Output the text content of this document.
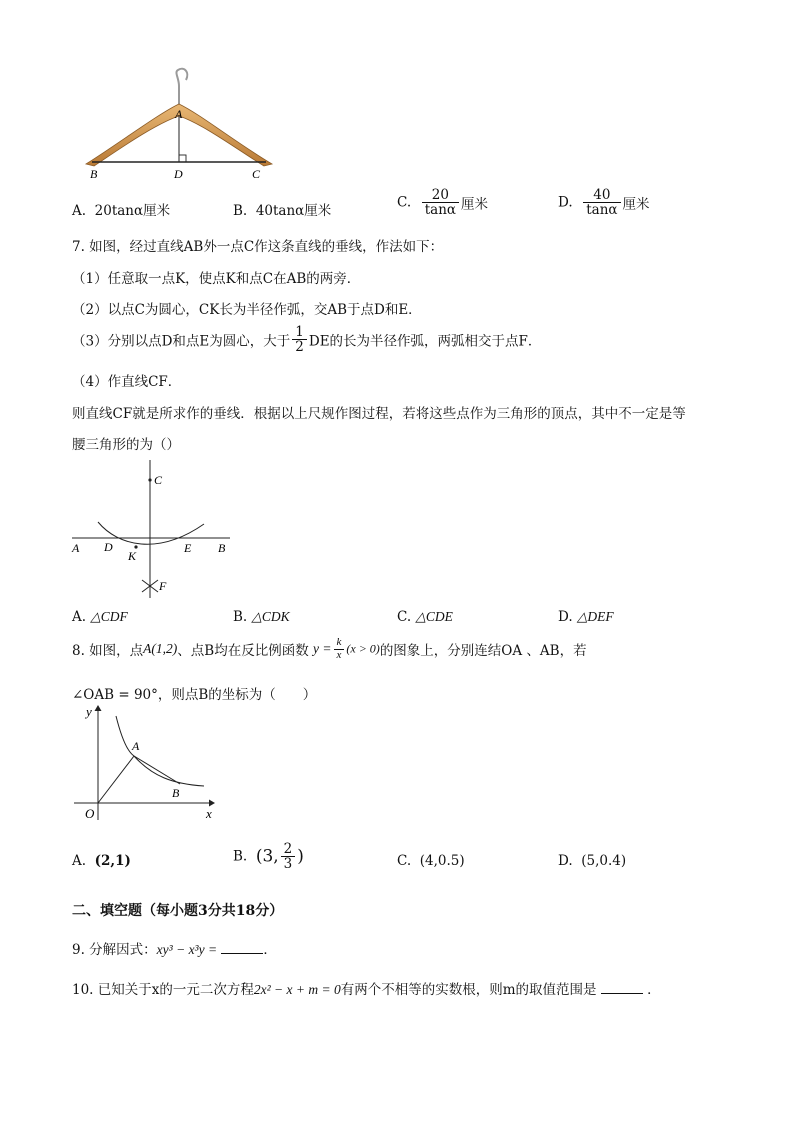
A
B	D	C
A. 20tanα厘米	B. 40tanα厘米
C. $\frac{20}{\tan\alpha}$ 厘米	D. $\frac{40}{\tan\alpha}$ 厘米
7. 如图，经过直线AB外一点C作这条直线的垂线，作法如下：
（1）任意取一点K，使点K和点C在AB的两旁．
（2）以点C为圆心，CK长为半径作弧，交AB于点D和E．
（3）分别以点D和点E为圆心，大于 $\frac{1}{2}$ DE的长为半径作弧，两弧相交于点F．
（4）作直线CF．
则直线CF就是所求作的垂线．根据以上尺规作图过程，若将这些点作为三角形的顶点，其中不一定是等
腰三角形的为（）
C
A D
K
E B
F
A. △CDF	B. △CDK	C. △CDE	D. △DEF
8. 如图，点A(1,2)、点B均在反比例函数 $y = \frac{k}{x} (x > 0)$的图象上，分别连结OA 、AB，若
∠OAB = 90°，则点B的坐标为（　　）
y
x
O
A
B
A. (2,1)	B. (3, $\frac{2}{3}$ )	C. (4,0.5)	D. (5,0.4)
二、填空题（每小题3分共18分）
9. 分解因式：xy³ − x³y =	．
10. 已知关于x的一元二次方程2x² − x + m = 0有两个不相等的实数根，则m的取值范围是	．
